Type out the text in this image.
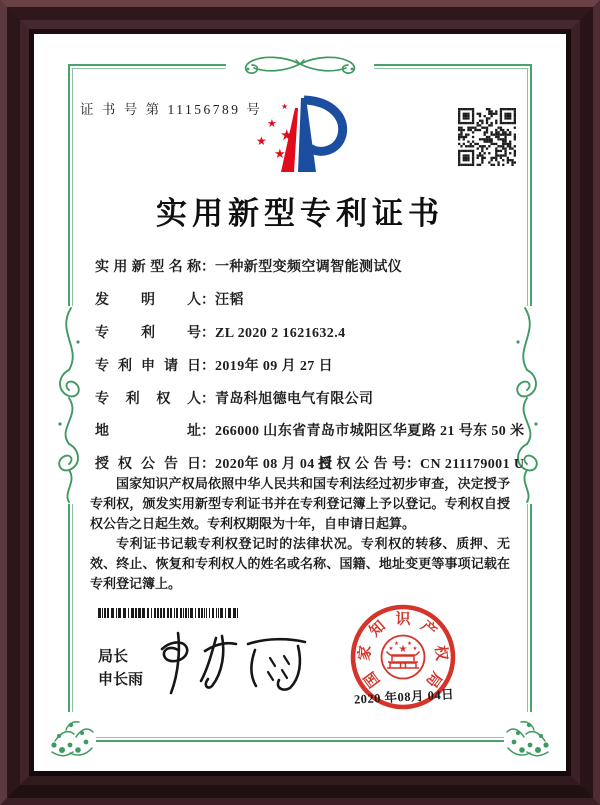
证 书 号 第 11156789 号 ★
★
★
★
★
实用新型专利证书
实用新型名称：一种新型变频空调智能测试仪
发明人：汪韬
专利号：ZL 2020 2 1621632.4
专利申请日：2019年 09 月 27 日
专利权人：青岛科旭德电气有限公司
地址：266000 山东省青岛市城阳区华夏路 21 号东 50 米
授权公告日：2020年 08 月 04 日
授权公告号：CN 211179001 U

国家知识产权局依照中华人民共和国专利法经过初步审查，决定授予专利权，颁发实用新型专利证书并在专利登记簿上予以登记。专利权自授权公告之日起生效。专利权期限为十年，自申请日起算。

专利证书记载专利权登记时的法律状况。专利权的转移、质押、无效、终止、恢复和专利权人的姓名或名称、国籍、地址变更等事项记载在专利登记簿上。

局长
申长雨	国
家
知 识 产
权
局
★
★	★
★ ★
2020 年08月 04日
